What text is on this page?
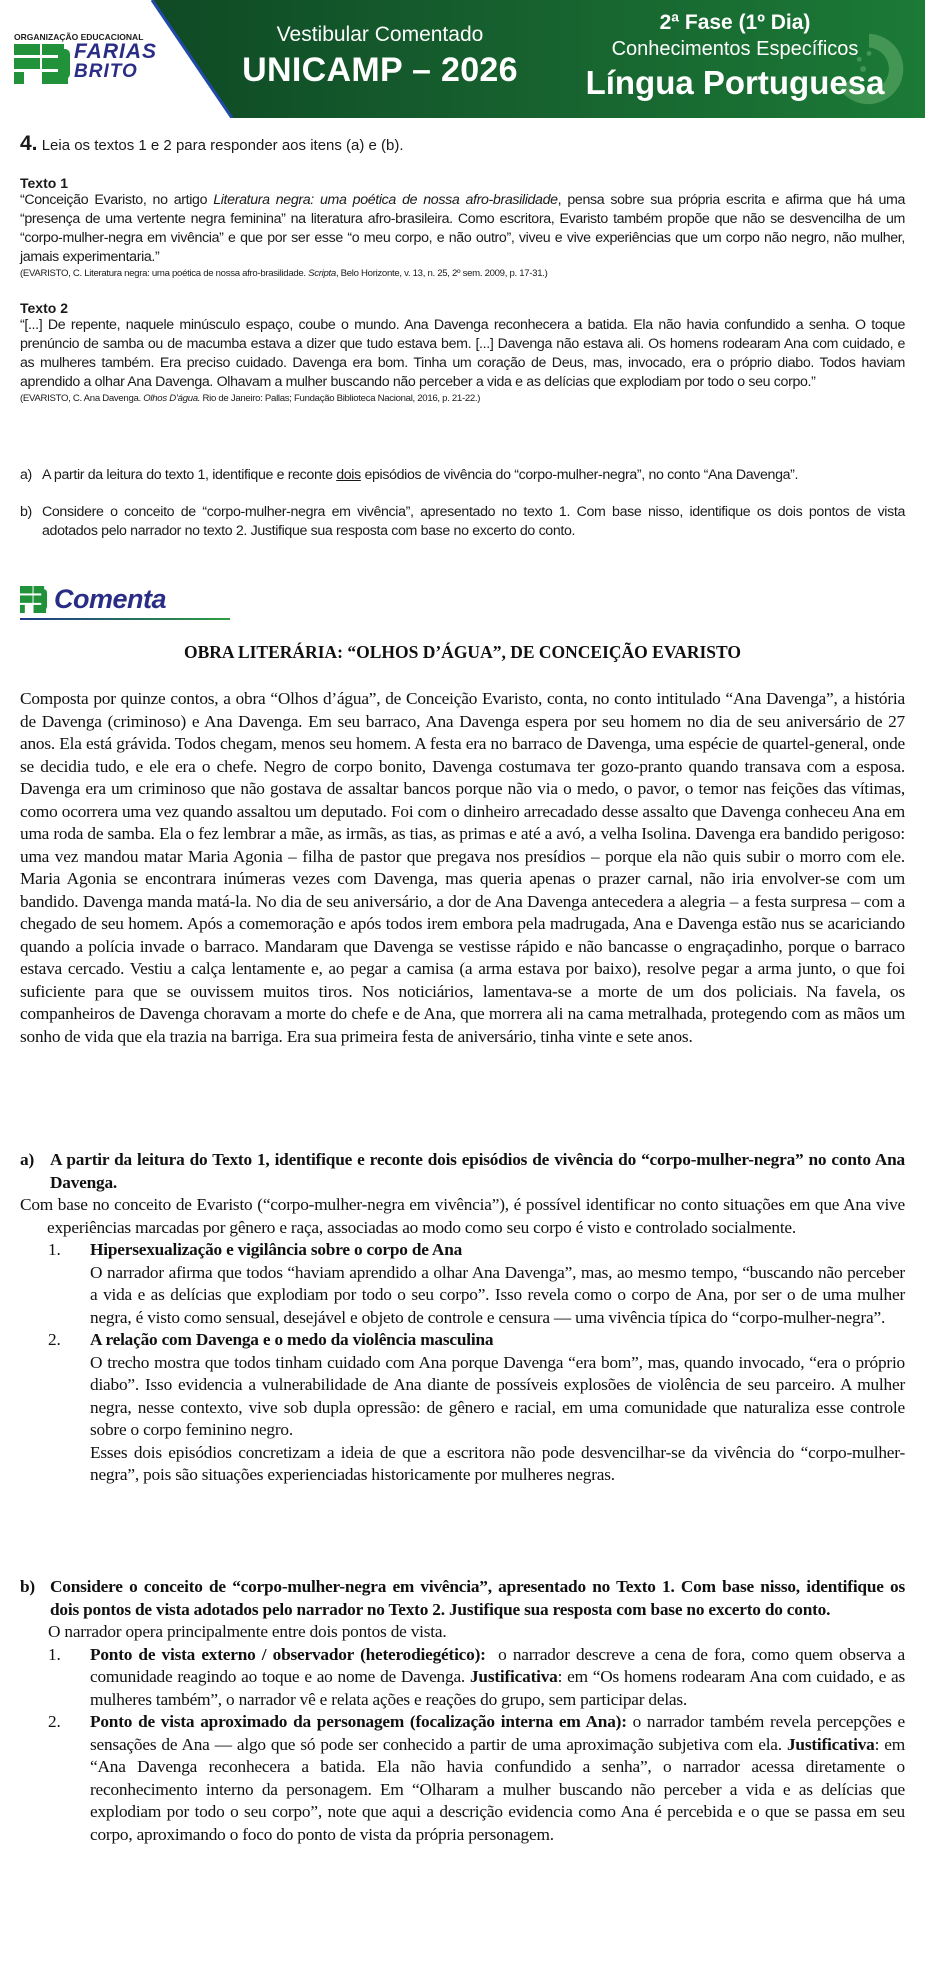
ORGANIZAÇÃO EDUCACIONAL
FARIAS
BRITO
Vestibular Comentado
UNICAMP – 2026
2ª Fase (1º Dia)
Conhecimentos Específicos
Língua Portuguesa
4. Leia os textos 1 e 2 para responder aos itens (a) e (b).
Texto 1
“Conceição Evaristo, no artigo Literatura negra: uma poética de nossa afro-brasilidade, pensa sobre sua própria escrita e afirma que há uma “presença de uma vertente negra feminina” na literatura afro-brasileira. Como escritora, Evaristo também propõe que não se desvencilha de um “corpo-mulher-negra em vivência” e que por ser esse “o meu corpo, e não outro”, viveu e vive experiências que um corpo não negro, não mulher, jamais experimentaria.”
(EVARISTO, C. Literatura negra: uma poética de nossa afro-brasilidade. Scripta, Belo Horizonte, v. 13, n. 25, 2º sem. 2009, p. 17-31.)
Texto 2
“[...] De repente, naquele minúsculo espaço, coube o mundo. Ana Davenga reconhecera a batida. Ela não havia confundido a senha. O toque prenúncio de samba ou de macumba estava a dizer que tudo estava bem. [...] Davenga não estava ali. Os homens rodearam Ana com cuidado, e as mulheres também. Era preciso cuidado. Davenga era bom. Tinha um coração de Deus, mas, invocado, era o próprio diabo. Todos haviam aprendido a olhar Ana Davenga. Olhavam a mulher buscando não perceber a vida e as delícias que explodiam por todo o seu corpo.”
(EVARISTO, C. Ana Davenga. Olhos D’água. Rio de Janeiro: Pallas; Fundação Biblioteca Nacional, 2016, p. 21-22.)
a) A partir da leitura do texto 1, identifique e reconte dois episódios de vivência do “corpo-mulher-negra”, no conto “Ana Davenga”.
b) Considere o conceito de “corpo-mulher-negra em vivência”, apresentado no texto 1. Com base nisso, identifique os dois pontos de vista adotados pelo narrador no texto 2. Justifique sua resposta com base no excerto do conto.
Comenta
OBRA LITERÁRIA: “OLHOS D’ÁGUA”, DE CONCEIÇÃO EVARISTO
Composta por quinze contos, a obra “Olhos d’água”, de Conceição Evaristo, conta, no conto intitulado “Ana Davenga”, a história de Davenga (criminoso) e Ana Davenga. Em seu barraco, Ana Davenga espera por seu homem no dia de seu aniversário de 27 anos. Ela está grávida. Todos chegam, menos seu homem. A festa era no barraco de Davenga, uma espécie de quartel-general, onde se decidia tudo, e ele era o chefe. Negro de corpo bonito, Davenga costumava ter gozo-pranto quando transava com a esposa. Davenga era um criminoso que não gostava de assaltar bancos porque não via o medo, o pavor, o temor nas feições das vítimas, como ocorrera uma vez quando assaltou um deputado. Foi com o dinheiro arrecadado desse assalto que Davenga conheceu Ana em uma roda de samba. Ela o fez lembrar a mãe, as irmãs, as tias, as primas e até a avó, a velha Isolina. Davenga era bandido perigoso: uma vez mandou matar Maria Agonia – filha de pastor que pregava nos presídios – porque ela não quis subir o morro com ele. Maria Agonia se encontrara inúmeras vezes com Davenga, mas queria apenas o prazer carnal, não iria envolver-se com um bandido. Davenga manda matá-la. No dia de seu aniversário, a dor de Ana Davenga antecedera a alegria – a festa surpresa – com a chegado de seu homem. Após a comemoração e após todos irem embora pela madrugada, Ana e Davenga estão nus se acariciando quando a polícia invade o barraco. Mandaram que Davenga se vestisse rápido e não bancasse o engraçadinho, porque o barraco estava cercado. Vestiu a calça lentamente e, ao pegar a camisa (a arma estava por baixo), resolve pegar a arma junto, o que foi suficiente para que se ouvissem muitos tiros. Nos noticiários, lamentava-se a morte de um dos policiais. Na favela, os companheiros de Davenga choravam a morte do chefe e de Ana, que morrera ali na cama metralhada, protegendo com as mãos um sonho de vida que ela trazia na barriga. Era sua primeira festa de aniversário, tinha vinte e sete anos.
a) A partir da leitura do Texto 1, identifique e reconte dois episódios de vivência do “corpo-mulher-negra” no conto Ana Davenga.
Com base no conceito de Evaristo (“corpo-mulher-negra em vivência”), é possível identificar no conto situações em que Ana vive experiências marcadas por gênero e raça, associadas ao modo como seu corpo é visto e controlado socialmente.
1.	Hipersexualização e vigilância sobre o corpo de Ana
O narrador afirma que todos “haviam aprendido a olhar Ana Davenga”, mas, ao mesmo tempo, “buscando não perceber a vida e as delícias que explodiam por todo o seu corpo”. Isso revela como o corpo de Ana, por ser o de uma mulher negra, é visto como sensual, desejável e objeto de controle e censura — uma vivência típica do “corpo-mulher-negra”.
2.	A relação com Davenga e o medo da violência masculina
O trecho mostra que todos tinham cuidado com Ana porque Davenga “era bom”, mas, quando invocado, “era o próprio diabo”. Isso evidencia a vulnerabilidade de Ana diante de possíveis explosões de violência de seu parceiro. A mulher negra, nesse contexto, vive sob dupla opressão: de gênero e racial, em uma comunidade que naturaliza esse controle sobre o corpo feminino negro.
Esses dois episódios concretizam a ideia de que a escritora não pode desvencilhar-se da vivência do “corpo-mulher-negra”, pois são situações experienciadas historicamente por mulheres negras.
b) Considere o conceito de “corpo-mulher-negra em vivência”, apresentado no Texto 1. Com base nisso, identifique os dois pontos de vista adotados pelo narrador no Texto 2. Justifique sua resposta com base no excerto do conto.
O narrador opera principalmente entre dois pontos de vista.
1.	Ponto de vista externo / observador (heterodiegético):  o narrador descreve a cena de fora, como quem observa a comunidade reagindo ao toque e ao nome de Davenga. Justificativa: em “Os homens rodearam Ana com cuidado, e as mulheres também”, o narrador vê e relata ações e reações do grupo, sem participar delas.
2.	Ponto de vista aproximado da personagem (focalização interna em Ana): o narrador também revela percepções e sensações de Ana — algo que só pode ser conhecido a partir de uma aproximação subjetiva com ela. Justificativa: em “Ana Davenga reconhecera a batida. Ela não havia confundido a senha”, o narrador acessa diretamente o reconhecimento interno da personagem. Em “Olharam a mulher buscando não perceber a vida e as delícias que explodiam por todo o seu corpo”, note que aqui a descrição evidencia como Ana é percebida e o que se passa em seu corpo, aproximando o foco do ponto de vista da própria personagem.
